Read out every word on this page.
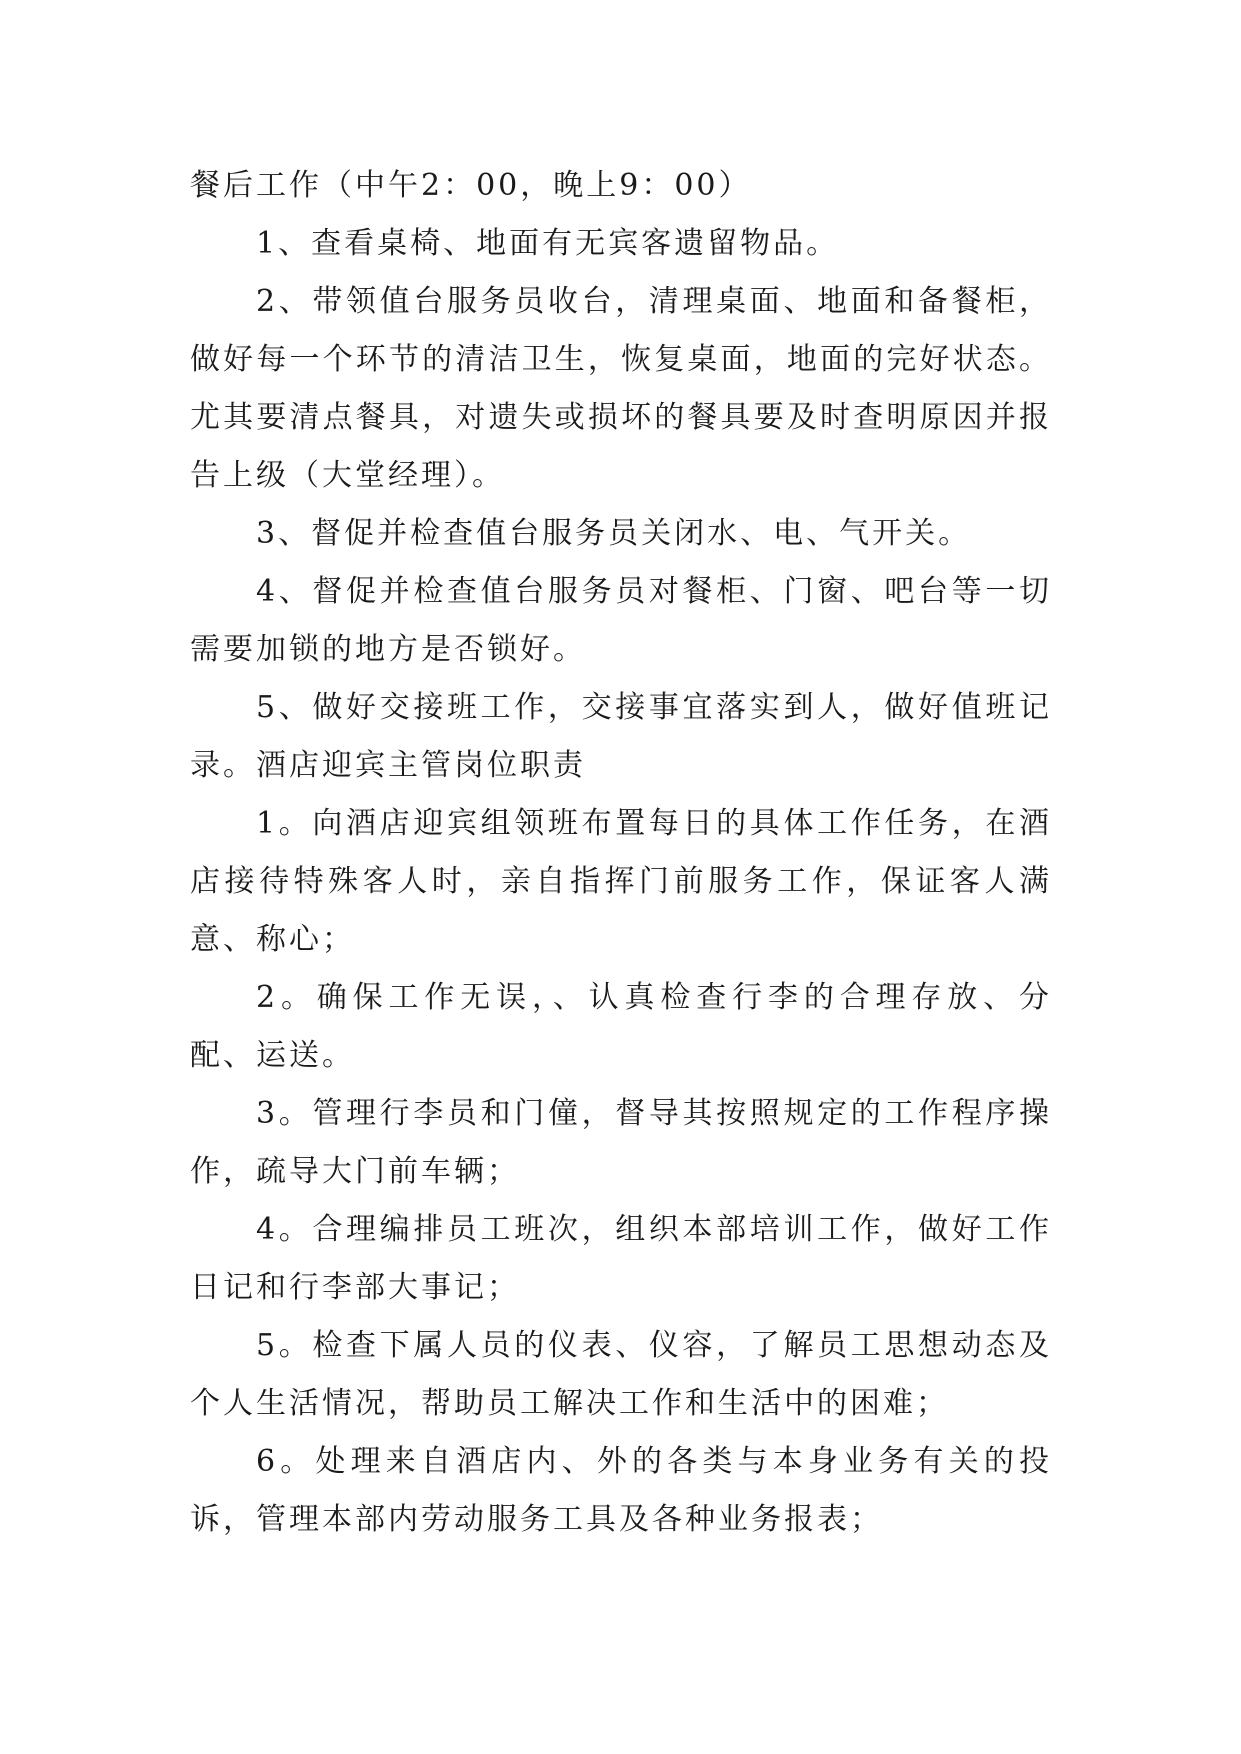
餐后工作（中午2：00，晚上9：00）

1、查看桌椅、地面有无宾客遗留物品。

2、带领值台服务员收台，清理桌面、地面和备餐柜，做好每一个环节的清洁卫生，恢复桌面，地面的完好状态。尤其要清点餐具，对遗失或损坏的餐具要及时查明原因并报告上级（大堂经理）。

3、督促并检查值台服务员关闭水、电、气开关。

4、督促并检查值台服务员对餐柜、门窗、吧台等一切需要加锁的地方是否锁好。

5、做好交接班工作，交接事宜落实到人，做好值班记录。酒店迎宾主管岗位职责

1。向酒店迎宾组领班布置每日的具体工作任务，在酒店接待特殊客人时，亲自指挥门前服务工作，保证客人满意、称心；

2。确保工作无误，、认真检查行李的合理存放、分配、运送。

3。管理行李员和门僮，督导其按照规定的工作程序操作，疏导大门前车辆；

4。合理编排员工班次，组织本部培训工作，做好工作日记和行李部大事记；

5。检查下属人员的仪表、仪容，了解员工思想动态及个人生活情况，帮助员工解决工作和生活中的困难；

6。处理来自酒店内、外的各类与本身业务有关的投诉，管理本部内劳动服务工具及各种业务报表；
